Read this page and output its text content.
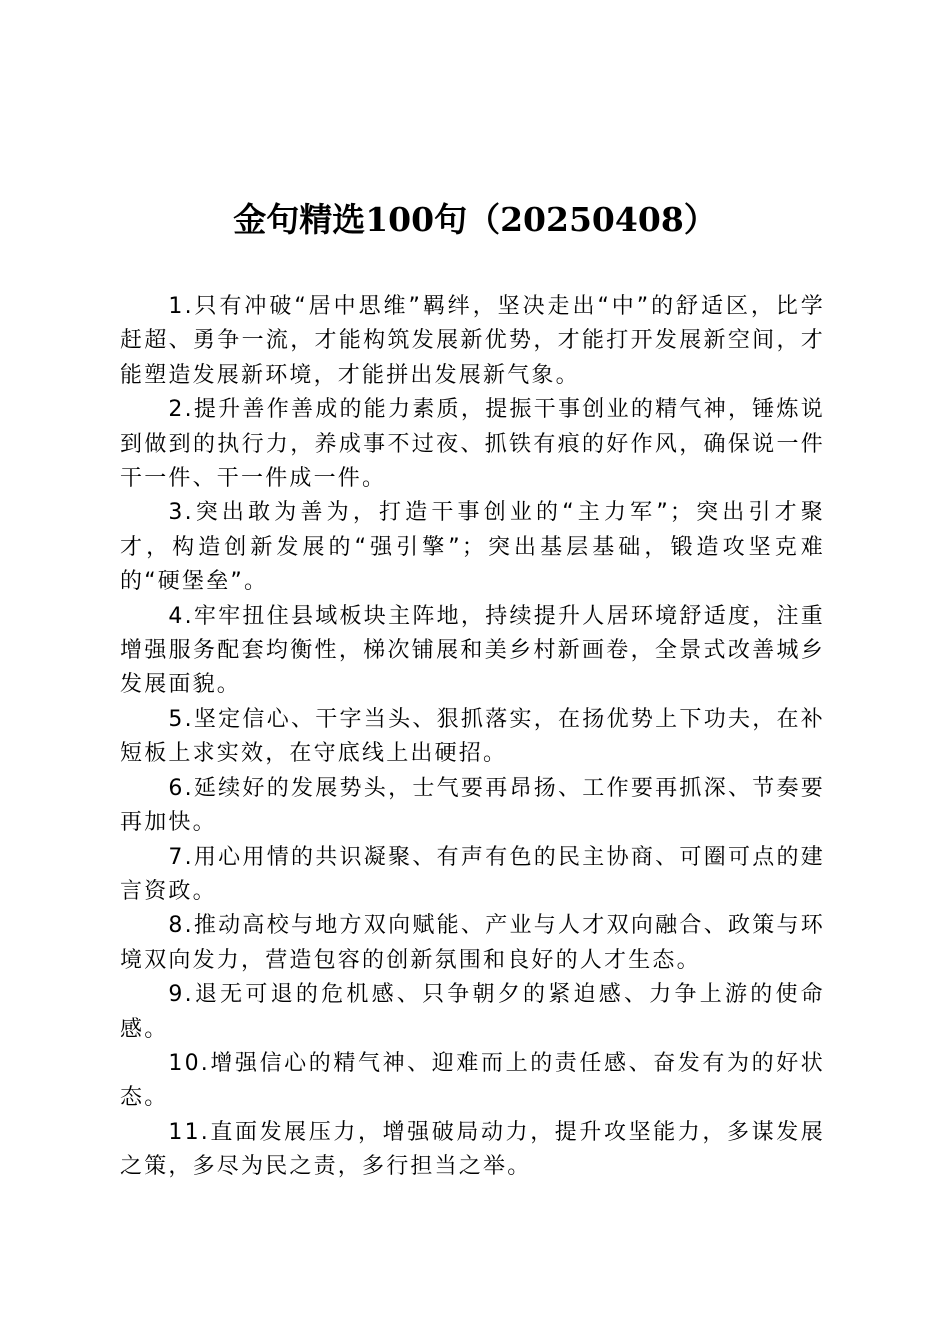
金句精选100句（20250408）

1.只有冲破“居中思维”羁绊，坚决走出“中”的舒适区，比学赶超、勇争一流，才能构筑发展新优势，才能打开发展新空间，才能塑造发展新环境，才能拼出发展新气象。

2.提升善作善成的能力素质，提振干事创业的精气神，锤炼说到做到的执行力，养成事不过夜、抓铁有痕的好作风，确保说一件干一件、干一件成一件。

3.突出敢为善为，打造干事创业的“主力军”；突出引才聚才，构造创新发展的“强引擎”；突出基层基础，锻造攻坚克难的“硬堡垒”。

4.牢牢扭住县域板块主阵地，持续提升人居环境舒适度，注重增强服务配套均衡性，梯次铺展和美乡村新画卷，全景式改善城乡发展面貌。

5.坚定信心、干字当头、狠抓落实，在扬优势上下功夫，在补短板上求实效，在守底线上出硬招。

6.延续好的发展势头，士气要再昂扬、工作要再抓深、节奏要再加快。

7.用心用情的共识凝聚、有声有色的民主协商、可圈可点的建言资政。

8.推动高校与地方双向赋能、产业与人才双向融合、政策与环境双向发力，营造包容的创新氛围和良好的人才生态。

9.退无可退的危机感、只争朝夕的紧迫感、力争上游的使命感。

10.增强信心的精气神、迎难而上的责任感、奋发有为的好状态。

11.直面发展压力，增强破局动力，提升攻坚能力，多谋发展之策，多尽为民之责，多行担当之举。
